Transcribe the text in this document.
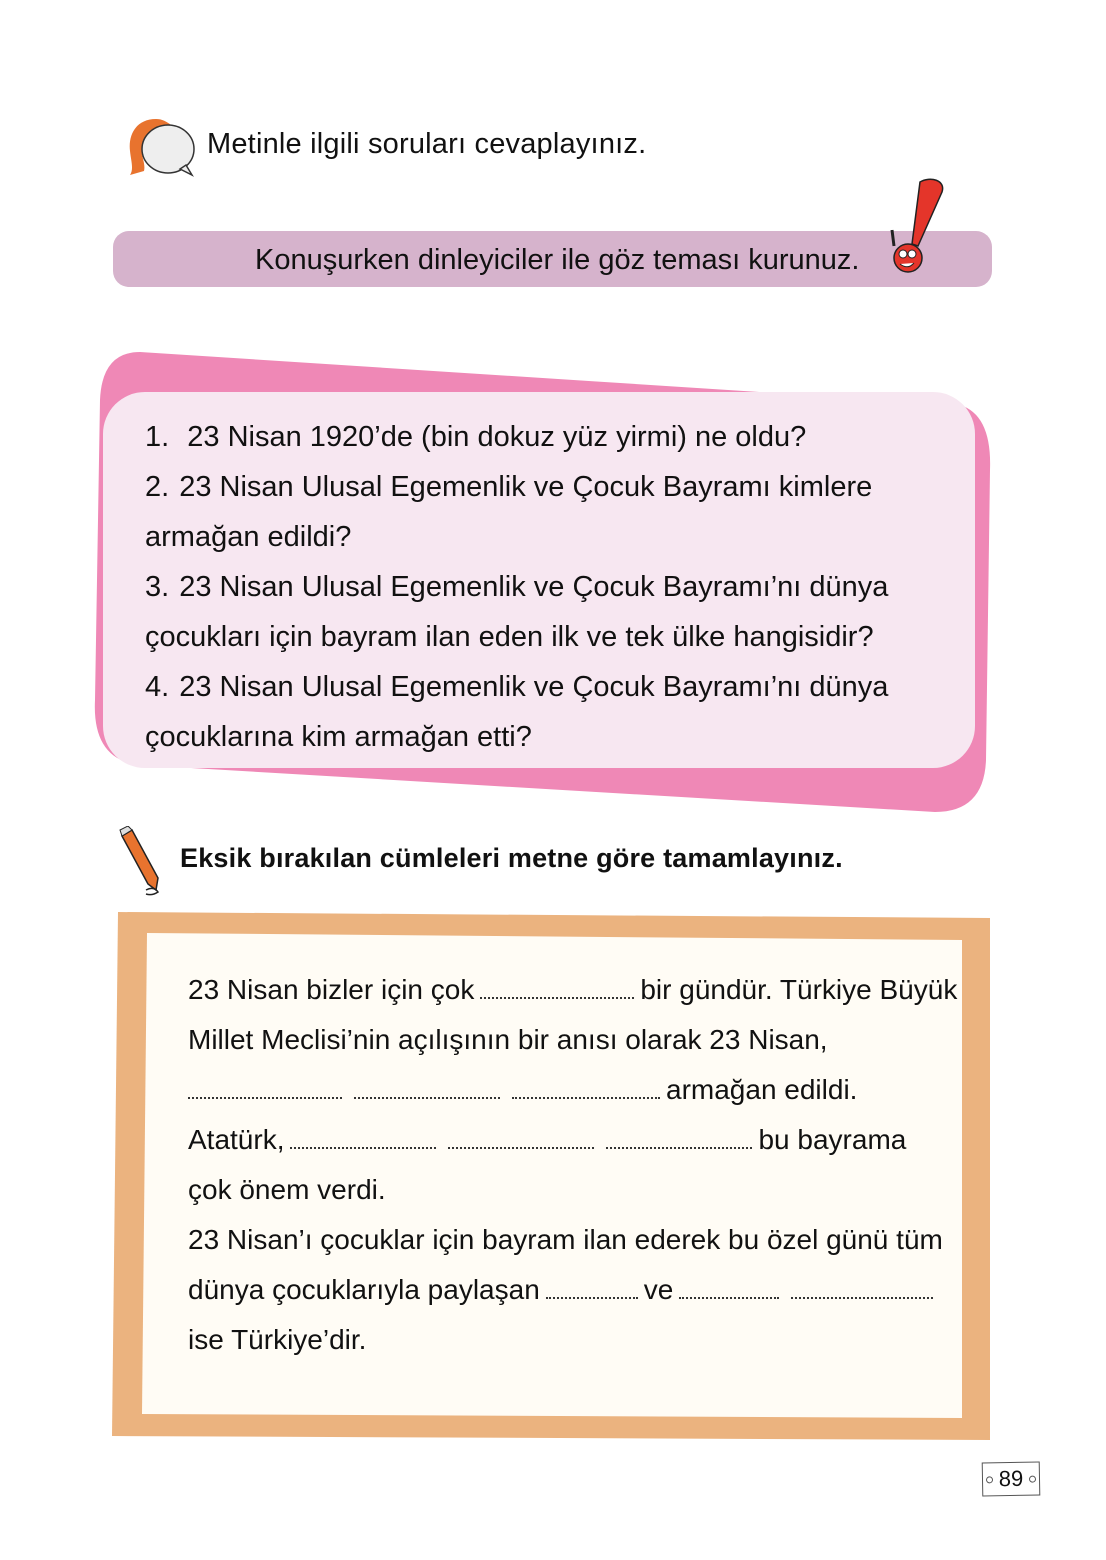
Metinle ilgili soruları cevaplayınız.
Konuşurken dinleyiciler ile göz teması kurunuz.
1. 23 Nisan 1920’de (bin dokuz yüz yirmi) ne oldu?
2. 23 Nisan Ulusal Egemenlik ve Çocuk Bayramı kimlere
armağan edildi?
3. 23 Nisan Ulusal Egemenlik ve Çocuk Bayramı’nı dünya
çocukları için bayram ilan eden ilk ve tek ülke hangisidir?
4. 23 Nisan Ulusal Egemenlik ve Çocuk Bayramı’nı dünya
çocuklarına kim armağan etti?
Eksik bırakılan cümleleri metne göre tamamlayınız.
23 Nisan bizler için çok	bir gündür. Türkiye Büyük
Millet Meclisi’nin açılışının bir anısı olarak 23 Nisan,
armağan edildi.
Atatürk,	bu bayrama
çok önem verdi.
23 Nisan’ı çocuklar için bayram ilan ederek bu özel günü tüm
dünya çocuklarıyla paylaşan	ve
ise Türkiye’dir.
89
